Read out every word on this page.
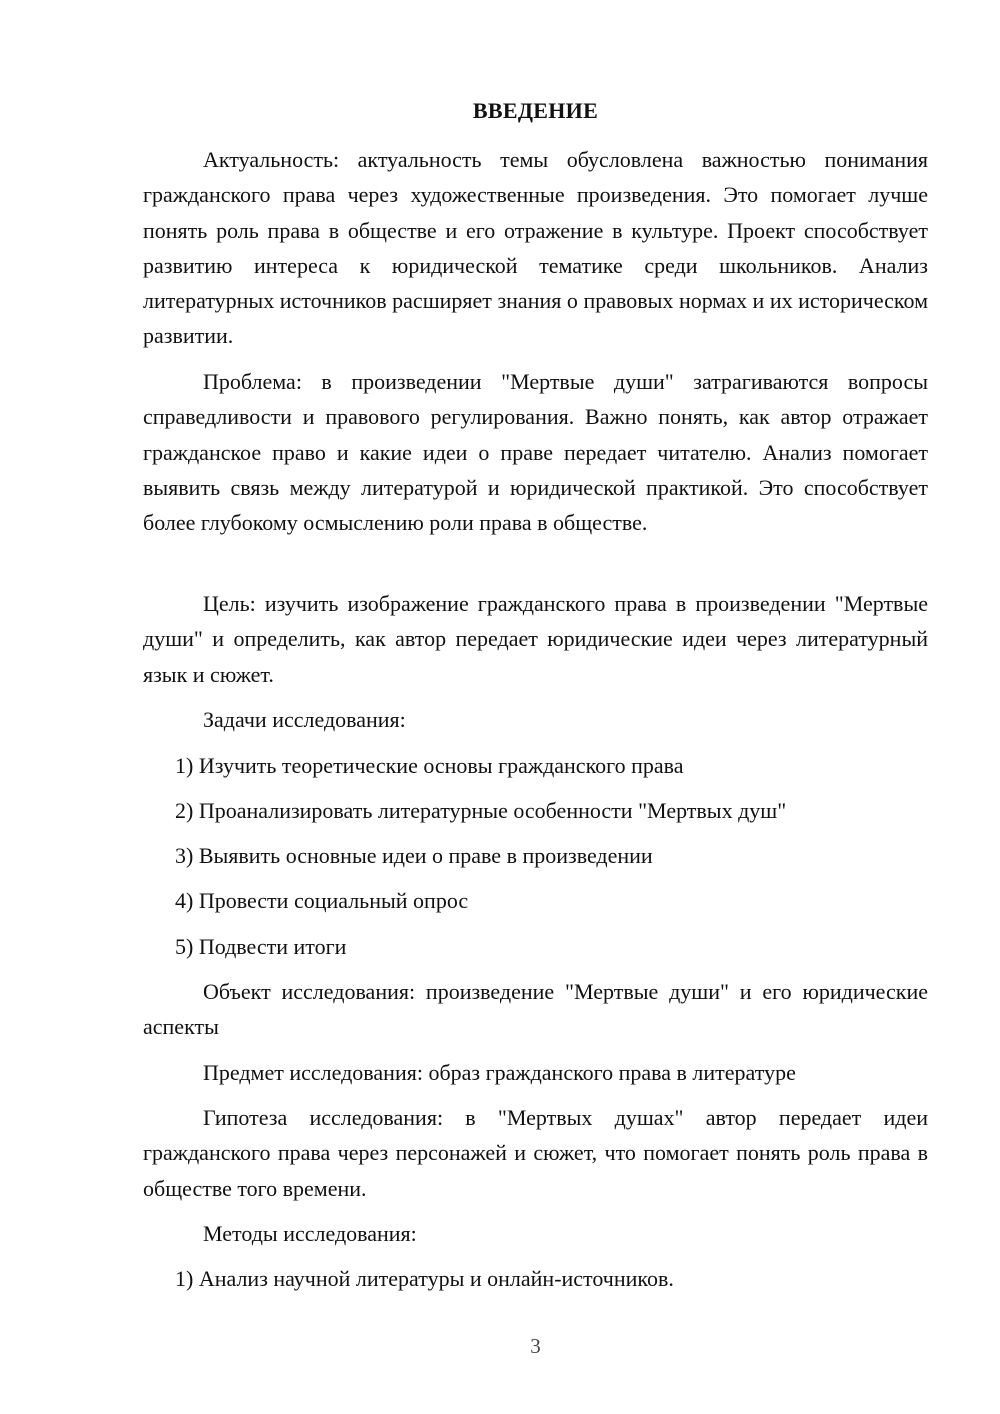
ВВЕДЕНИЕ

Актуальность: актуальность темы обусловлена важностью понимания гражданского права через художественные произведения. Это помогает лучше понять роль права в обществе и его отражение в культуре. Проект способствует развитию интереса к юридической тематике среди школьников. Анализ литературных источников расширяет знания о правовых нормах и их историческом развитии.

Проблема: в произведении "Мертвые души" затрагиваются вопросы справедливости и правового регулирования. Важно понять, как автор отражает гражданское право и какие идеи о праве передает читателю. Анализ помогает выявить связь между литературой и юридической практикой. Это способствует более глубокому осмыслению роли права в обществе.

Цель: изучить изображение гражданского права в произведении "Мертвые души" и определить, как автор передает юридические идеи через литературный язык и сюжет.

Задачи исследования:

1) Изучить теоретические основы гражданского права

2) Проанализировать литературные особенности "Мертвых душ"

3) Выявить основные идеи о праве в произведении

4) Провести социальный опрос

5) Подвести итоги

Объект исследования: произведение "Мертвые души" и его юридические аспекты

Предмет исследования: образ гражданского права в литературе

Гипотеза исследования: в "Мертвых душах" автор передает идеи гражданского права через персонажей и сюжет, что помогает понять роль права в обществе того времени.

Методы исследования:

1) Анализ научной литературы и онлайн-источников.

3
